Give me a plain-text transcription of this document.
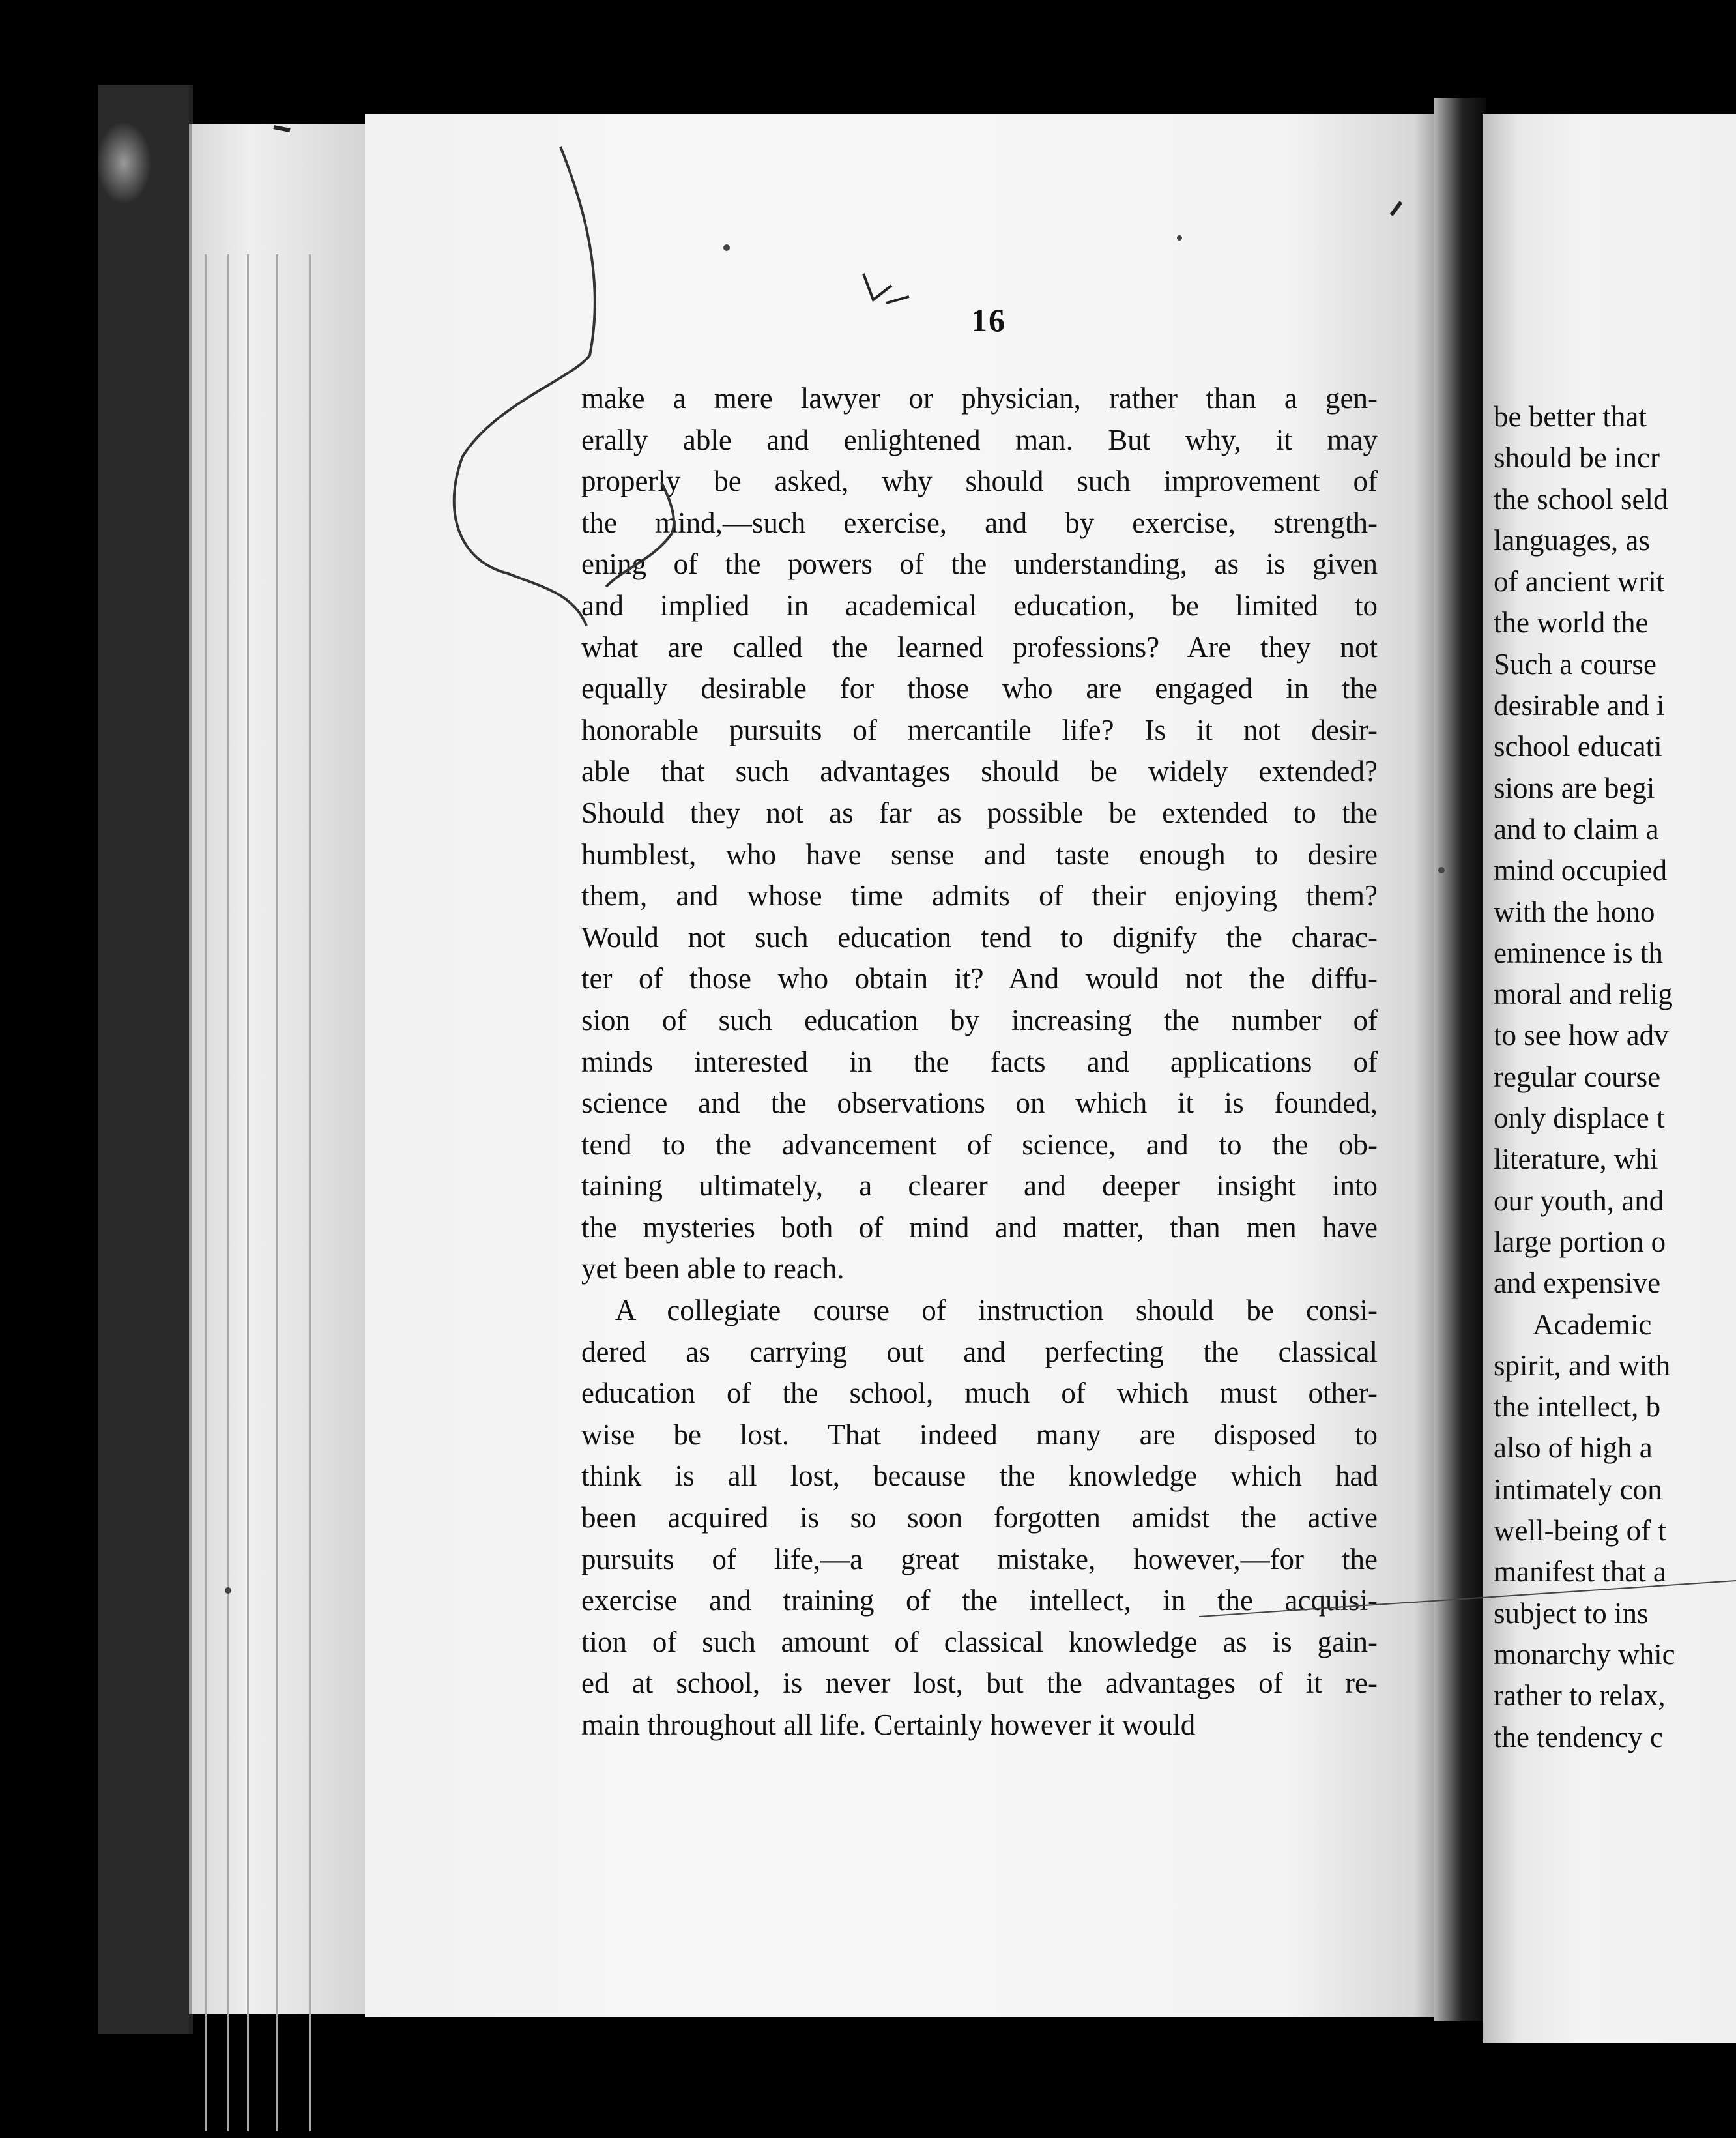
16
make a mere lawyer or physician, rather than a gen-
erally able and enlightened man. But why, it may
properly be asked, why should such improvement of
the mind,—such exercise, and by exercise, strength-
ening of the powers of the understanding, as is given
and implied in academical education, be limited to
what are called the learned professions? Are they not
equally desirable for those who are engaged in the
honorable pursuits of mercantile life? Is it not desir-
able that such advantages should be widely extended?
Should they not as far as possible be extended to the
humblest, who have sense and taste enough to desire
them, and whose time admits of their enjoying them?
Would not such education tend to dignify the charac-
ter of those who obtain it? And would not the diffu-
sion of such education by increasing the number of
minds interested in the facts and applications of
science and the observations on which it is founded,
tend to the advancement of science, and to the ob-
taining ultimately, a clearer and deeper insight into
the mysteries both of mind and matter, than men have
yet been able to reach.
A collegiate course of instruction should be consi-
dered as carrying out and perfecting the classical
education of the school, much of which must other-
wise be lost. That indeed many are disposed to
think is all lost, because the knowledge which had
been acquired is so soon forgotten amidst the active
pursuits of life,—a great mistake, however,—for the
exercise and training of the intellect, in the acquisi-
tion of such amount of classical knowledge as is gain-
ed at school, is never lost, but the advantages of it re-
main throughout all life. Certainly however it would
be better that
should be incr
the school seld
languages, as
of ancient writ
the world the
Such a course
desirable and i
school educati
sions are begi
and to claim a
mind occupied
with the hono
eminence is th
moral and relig
to see how adv
regular course
only displace t
literature, whi
our youth, and
large portion o
and expensive
Academic
spirit, and with
the intellect, b
also of high a
intimately con
well-being of t
manifest that a
subject to ins
monarchy whic
rather to relax,
the tendency c
